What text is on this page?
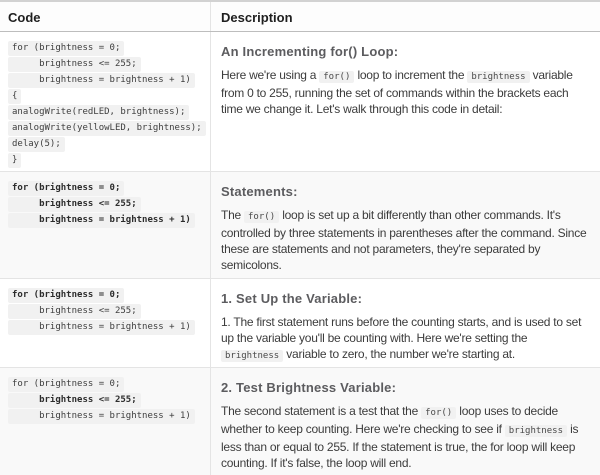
Code	Description
for (brightness = 0;
brightness <= 255;
brightness = brightness + 1)
{
analogWrite(redLED, brightness);
analogWrite(yellowLED, brightness);
delay(5);
}
An Incrementing for() Loop:

Here we're using a for() loop to increment the brightness variable from 0 to 255, running the set of commands within the brackets each time we change it. Let's walk through this code in detail:

for (brightness = 0;
brightness <= 255;
brightness = brightness + 1)
Statements:

The for() loop is set up a bit differently than other commands. It's controlled by three statements in parentheses after the command. Since these are statements and not parameters, they're separated by semicolons.

for (brightness = 0;
brightness <= 255;
brightness = brightness + 1)
1. Set Up the Variable:

1. The first statement runs before the counting starts, and is used to set up the variable you'll be counting with. Here we're setting the brightness variable to zero, the number we're starting at.

for (brightness = 0;
brightness <= 255;
brightness = brightness + 1)
2. Test Brightness Variable:

The second statement is a test that the for() loop uses to decide whether to keep counting. Here we're checking to see if brightness is less than or equal to 255. If the statement is true, the for loop will keep counting. If it's false, the loop will end.
